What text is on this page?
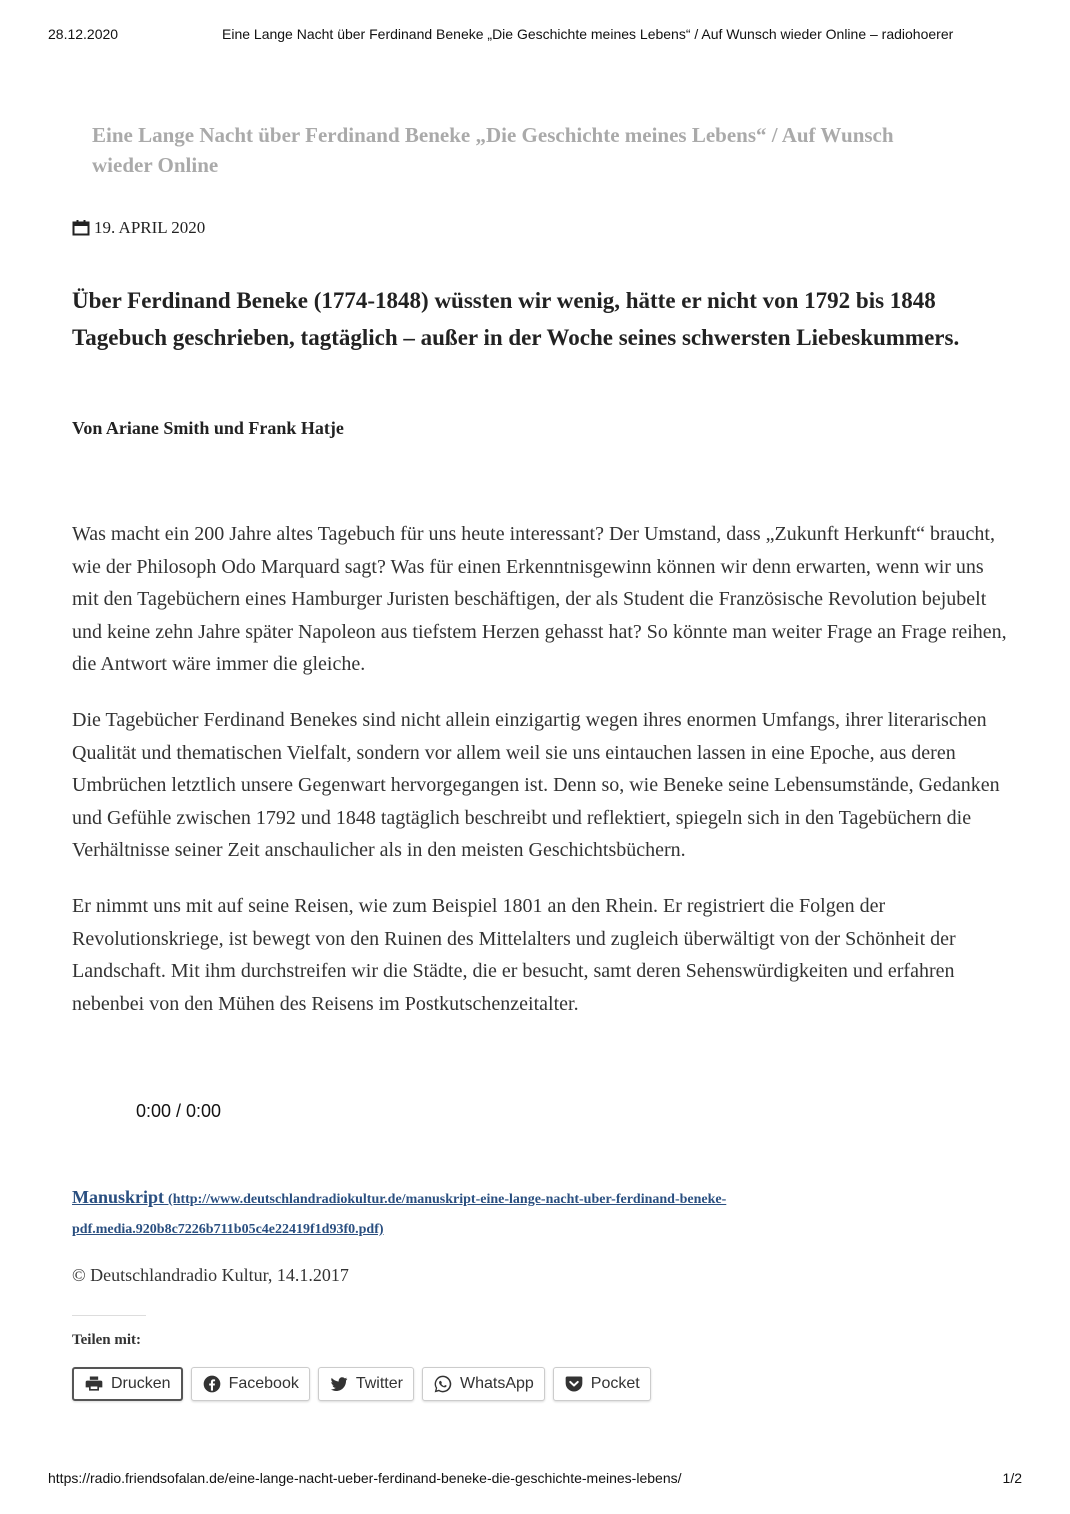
28.12.2020	Eine Lange Nacht über Ferdinand Beneke „Die Geschichte meines Lebens“ / Auf Wunsch wieder Online – radiohoerer
Eine Lange Nacht über Ferdinand Beneke „Die Geschichte meines Lebens“ / Auf Wunsch wieder Online
19. APRIL 2020

Über Ferdinand Beneke (1774-1848) wüssten wir wenig, hätte er nicht von 1792 bis 1848 Tagebuch geschrieben, tagtäglich – außer in der Woche seines schwersten Liebeskummers.

Von Ariane Smith und Frank Hatje

Was macht ein 200 Jahre altes Tagebuch für uns heute interessant? Der Umstand, dass „Zukunft Herkunft“ braucht, wie der Philosoph Odo Marquard sagt? Was für einen Erkenntnisgewinn können wir denn erwarten, wenn wir uns mit den Tagebüchern eines Hamburger Juristen beschäftigen, der als Student die Französische Revolution bejubelt und keine zehn Jahre später Napoleon aus tiefstem Herzen gehasst hat? So könnte man weiter Frage an Frage reihen, die Antwort wäre immer die gleiche.

Die Tagebücher Ferdinand Benekes sind nicht allein einzigartig wegen ihres enormen Umfangs, ihrer literarischen Qualität und thematischen Vielfalt, sondern vor allem weil sie uns eintauchen lassen in eine Epoche, aus deren Umbrüchen letztlich unsere Gegenwart hervorgegangen ist. Denn so, wie Beneke seine Lebensumstände, Gedanken und Gefühle zwischen 1792 und 1848 tagtäglich beschreibt und reflektiert, spiegeln sich in den Tagebüchern die Verhältnisse seiner Zeit anschaulicher als in den meisten Geschichtsbüchern.

Er nimmt uns mit auf seine Reisen, wie zum Beispiel 1801 an den Rhein. Er registriert die Folgen der Revolutionskriege, ist bewegt von den Ruinen des Mittelalters und zugleich überwältigt von der Schönheit der Landschaft. Mit ihm durchstreifen wir die Städte, die er besucht, samt deren Sehenswürdigkeiten und erfahren nebenbei von den Mühen des Reisens im Postkutschenzeitalter.

0:00 / 0:00
Manuskript (http://www.deutschlandradiokultur.de/manuskript-eine-lange-nacht-uber-ferdinand-beneke-pdf.media.920b8c7226b711b05c4e22419f1d93f0.pdf)
© Deutschlandradio Kultur, 14.1.2017
Teilen mit:
Drucken	Facebook	Twitter	WhatsApp	Pocket
https://radio.friendsofalan.de/eine-lange-nacht-ueber-ferdinand-beneke-die-geschichte-meines-lebens/	1/2
